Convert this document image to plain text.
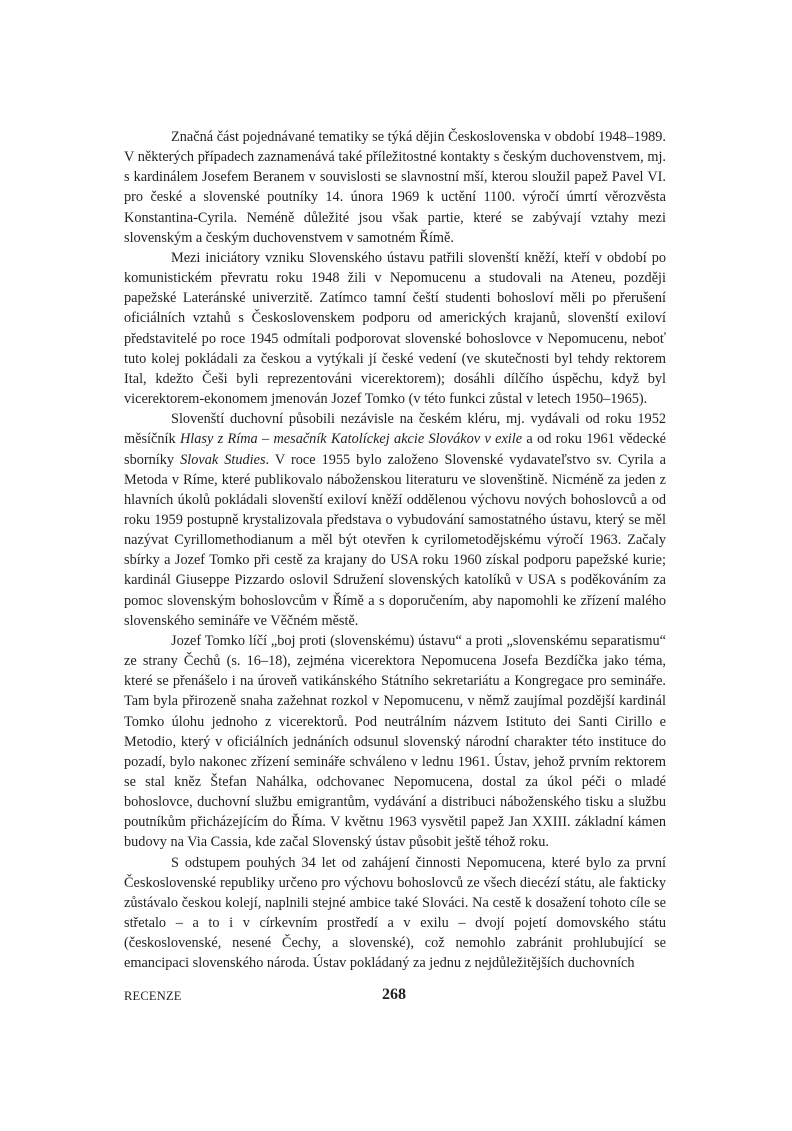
Značná část pojednávané tematiky se týká dějin Československa v období 1948–1989. V některých případech zaznamenává také příležitostné kontakty s českým duchovenstvem, mj. s kardinálem Josefem Beranem v souvislosti se slavnostní mší, kterou sloužil papež Pavel VI. pro české a slovenské poutníky 14. února 1969 k uctění 1100. výročí úmrtí věrozvěsta Konstantina-Cyrila. Neméně důležité jsou však partie, které se zabývají vztahy mezi slovenským a českým duchovenstvem v samotném Římě.

Mezi iniciátory vzniku Slovenského ústavu patřili slovenští kněží, kteří v období po komunistickém převratu roku 1948 žili v Nepomucenu a studovali na Ateneu, později papežské Lateránské univerzitě. Zatímco tamní čeští studenti bohosloví měli po přerušení oficiálních vztahů s Československem podporu od amerických krajanů, slovenští exiloví představitelé po roce 1945 odmítali podporovat slovenské bohoslovce v Nepomucenu, neboť tuto kolej pokládali za českou a vytýkali jí české vedení (ve skutečnosti byl tehdy rektorem Ital, kdežto Češi byli reprezentováni vicerektorem); dosáhli dílčího úspěchu, když byl vicerektorem-ekonomem jmenován Jozef Tomko (v této funkci zůstal v letech 1950–1965).

Slovenští duchovní působili nezávisle na českém kléru, mj. vydávali od roku 1952 měsíčník Hlasy z Ríma – mesačník Katolíckej akcie Slovákov v exile a od roku 1961 vědecké sborníky Slovak Studies. V roce 1955 bylo založeno Slovenské vydavateľstvo sv. Cyrila a Metoda v Ríme, které publikovalo náboženskou literaturu ve slovenštině. Nicméně za jeden z hlavních úkolů pokládali slovenští exiloví kněží oddělenou výchovu nových bohoslovců a od roku 1959 postupně krystalizovala představa o vybudování samostatného ústavu, který se měl nazývat Cyrillomethodianum a měl být otevřen k cyrilometodějskému výročí 1963. Začaly sbírky a Jozef Tomko při cestě za krajany do USA roku 1960 získal podporu papežské kurie; kardinál Giuseppe Pizzardo oslovil Sdružení slovenských katolíků v USA s poděkováním za pomoc slovenským bohoslovcům v Římě a s doporučením, aby napomohli ke zřízení malého slovenského semináře ve Věčném městě.

Jozef Tomko líčí „boj proti (slovenskému) ústavu“ a proti „slovenskému separatismu“ ze strany Čechů (s. 16–18), zejména vicerektora Nepomucena Josefa Bezdíčka jako téma, které se přenášelo i na úroveň vatikánského Státního sekretariátu a Kongregace pro semináře. Tam byla přirozeně snaha zažehnat rozkol v Nepomucenu, v němž zaujímal pozdější kardinál Tomko úlohu jednoho z vicerektorů. Pod neutrálním názvem Istituto dei Santi Cirillo e Metodio, který v oficiálních jednáních odsunul slovenský národní charakter této instituce do pozadí, bylo nakonec zřízení semináře schváleno v lednu 1961. Ústav, jehož prvním rektorem se stal kněz Štefan Nahálka, odchovanec Nepomucena, dostal za úkol péči o mladé bohoslovce, duchovní službu emigrantům, vydávání a distribuci náboženského tisku a službu poutníkům přicházejícím do Říma. V květnu 1963 vysvětil papež Jan XXIII. základní kámen budovy na Via Cassia, kde začal Slovenský ústav působit ještě téhož roku.

S odstupem pouhých 34 let od zahájení činnosti Nepomucena, které bylo za první Československé republiky určeno pro výchovu bohoslovců ze všech diecézí státu, ale fakticky zůstávalo českou kolejí, naplnili stejné ambice také Slováci. Na cestě k dosažení tohoto cíle se střetalo – a to i v církevním prostředí a v exilu – dvojí pojetí domovského státu (československé, nesené Čechy, a slovenské), což nemohlo zabránit prohlubující se emancipaci slovenského národa. Ústav pokládaný za jednu z nejdůležitějších duchovních

RECENZE	268
